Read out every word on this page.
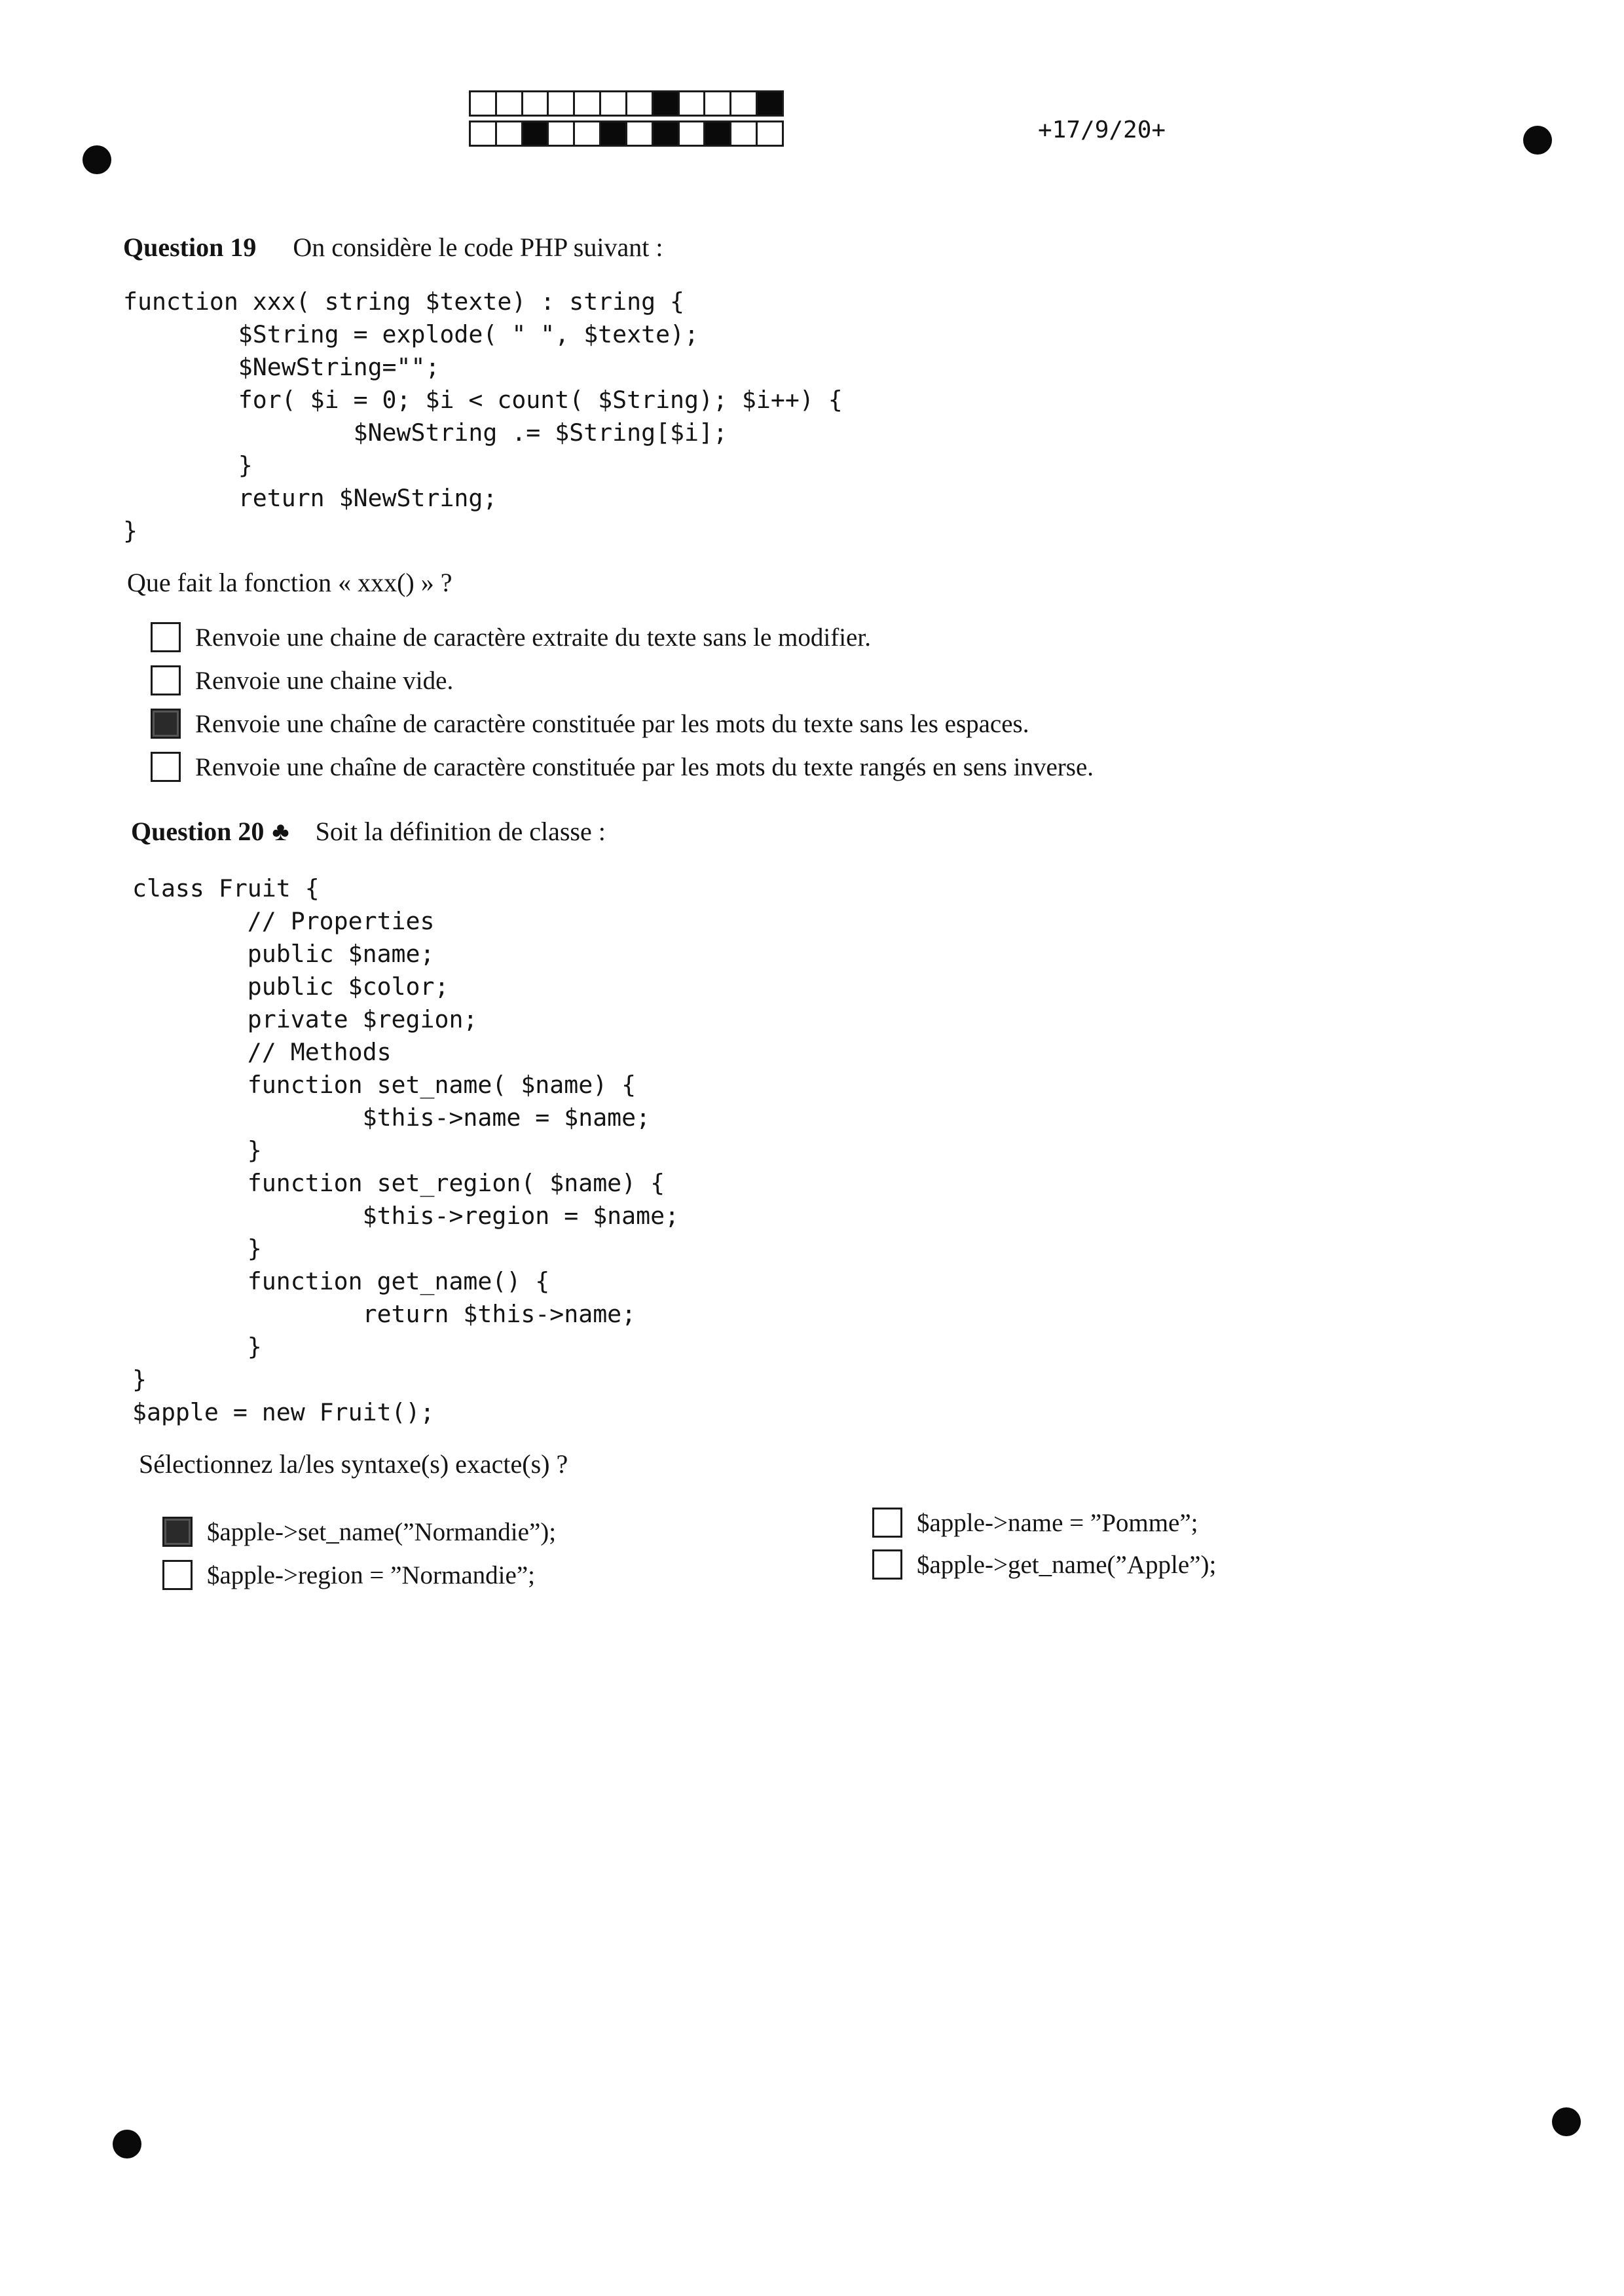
+17/9/20+
Question 19 On considère le code PHP suivant :
function xxx( string $texte) : string {
$String = explode( " ", $texte);
$NewString="";
for( $i = 0; $i < count( $String); $i++) {
$NewString .= $String[$i];
}
return $NewString;
}
Que fait la fonction « xxx() » ?
Renvoie une chaine de caractère extraite du texte sans le modifier.
Renvoie une chaine vide.
Renvoie une chaîne de caractère constituée par les mots du texte sans les espaces.
Renvoie une chaîne de caractère constituée par les mots du texte rangés en sens inverse.
Question 20 ♣ Soit la définition de classe :
class Fruit {
// Properties
public $name;
public $color;
private $region;
// Methods
function set_name( $name) {
$this->name = $name;
}
function set_region( $name) {
$this->region = $name;
}
function get_name() {
return $this->name;
}
}
$apple = new Fruit();
Sélectionnez la/les syntaxe(s) exacte(s) ?
$apple->set_name(”Normandie”);
$apple->region = ”Normandie”;
$apple->name = ”Pomme”;
$apple->get_name(”Apple”);
